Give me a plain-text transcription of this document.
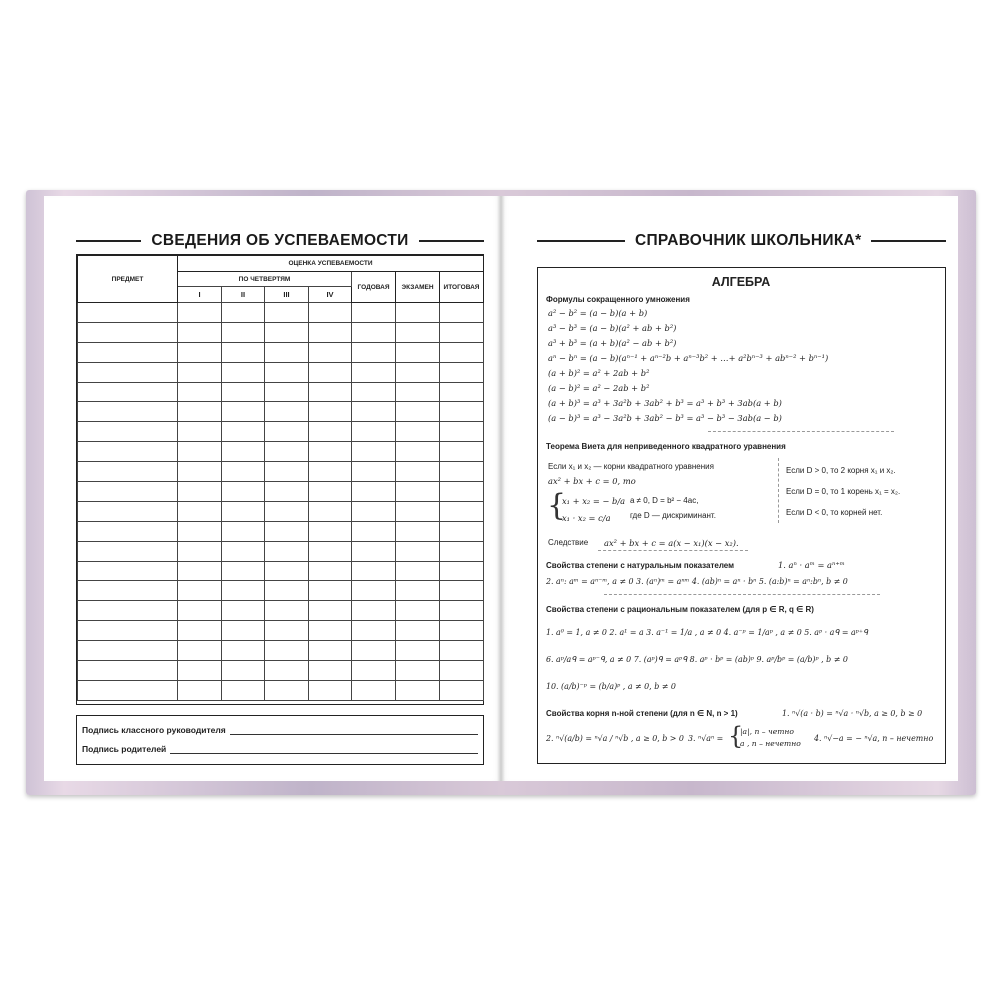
СВЕДЕНИЯ ОБ УСПЕВАЕМОСТИ
ПРЕДМЕТ	ОЦЕНКА УСПЕВАЕМОСТИ						
	ПО ЧЕТВЕРТЯМ				ГОДОВАЯ	ЭКЗАМЕН	ИТОГОВАЯ
	I	II	III	IV			

Подпись классного руководителя
Подпись родителей
СПРАВОЧНИК ШКОЛЬНИКА*
АЛГЕБРА
Формулы сокращенного умножения
a² − b² = (a − b)(a + b)
a³ − b³ = (a − b)(a² + ab + b²)
a³ + b³ = (a + b)(a² − ab + b²)
aⁿ − bⁿ = (a − b)(aⁿ⁻¹ + aⁿ⁻²b + aⁿ⁻³b² + …+ a²bⁿ⁻³ + abⁿ⁻² + bⁿ⁻¹)
(a + b)² = a² + 2ab + b²
(a − b)² = a² − 2ab + b²
(a + b)³ = a³ + 3a²b + 3ab² + b³ = a³ + b³ + 3ab(a + b)
(a − b)³ = a³ − 3a²b + 3ab² − b³ = a³ − b³ − 3ab(a − b)
Теорема Виета для неприведенного квадратного уравнения
Если x₁ и x₂ — корни квадратного уравнения
ax² + bx + c = 0, то
{
x₁ + x₂ = − b/a
x₁ · x₂ = c/a
a ≠ 0, D = b² − 4ac,
где D — дискриминант.
Если D > 0, то 2 корня x₁ и x₂.
Если D = 0, то 1 корень x₁ = x₂.
Если D < 0, то корней нет.
Следствие ax² + bx + c = a(x − x₁)(x − x₂).
Свойства степени с натуральным показателем	1. aⁿ · aᵐ = aⁿ⁺ᵐ
2. aⁿ: aᵐ = aⁿ⁻ᵐ, a ≠ 0 3. (aⁿ)ᵐ = aⁿᵐ 4. (ab)ⁿ = aⁿ · bⁿ 5. (a:b)ⁿ = aⁿ:bⁿ, b ≠ 0
Свойства степени с рациональным показателем (для p ∈ R, q ∈ R)
1. a⁰ = 1, a ≠ 0 2. a¹ = a 3. a⁻¹ = 1/a , a ≠ 0 4. a⁻ᵖ = 1/aᵖ , a ≠ 0 5. aᵖ · aᑫ = aᵖ⁺ᑫ
6. aᵖ/aᑫ = aᵖ⁻ᑫ, a ≠ 0 7. (aᵖ)ᑫ = aᵖᑫ 8. aᵖ · bᵖ = (ab)ᵖ 9. aᵖ/bᵖ = (a/b)ᵖ , b ≠ 0
10. (a/b)⁻ᵖ = (b/a)ᵖ , a ≠ 0, b ≠ 0
Свойства корня n-ной степени (для n ∈ N, n > 1)	1. ⁿ√(a · b) = ⁿ√a · ⁿ√b, a ≥ 0, b ≥ 0
2. ⁿ√(a/b) = ⁿ√a / ⁿ√b , a ≥ 0, b > 0 3. ⁿ√aⁿ = {
|a|, n – четно
a , n – нечетно
4. ⁿ√−a = − ⁿ√a, n – нечетно
